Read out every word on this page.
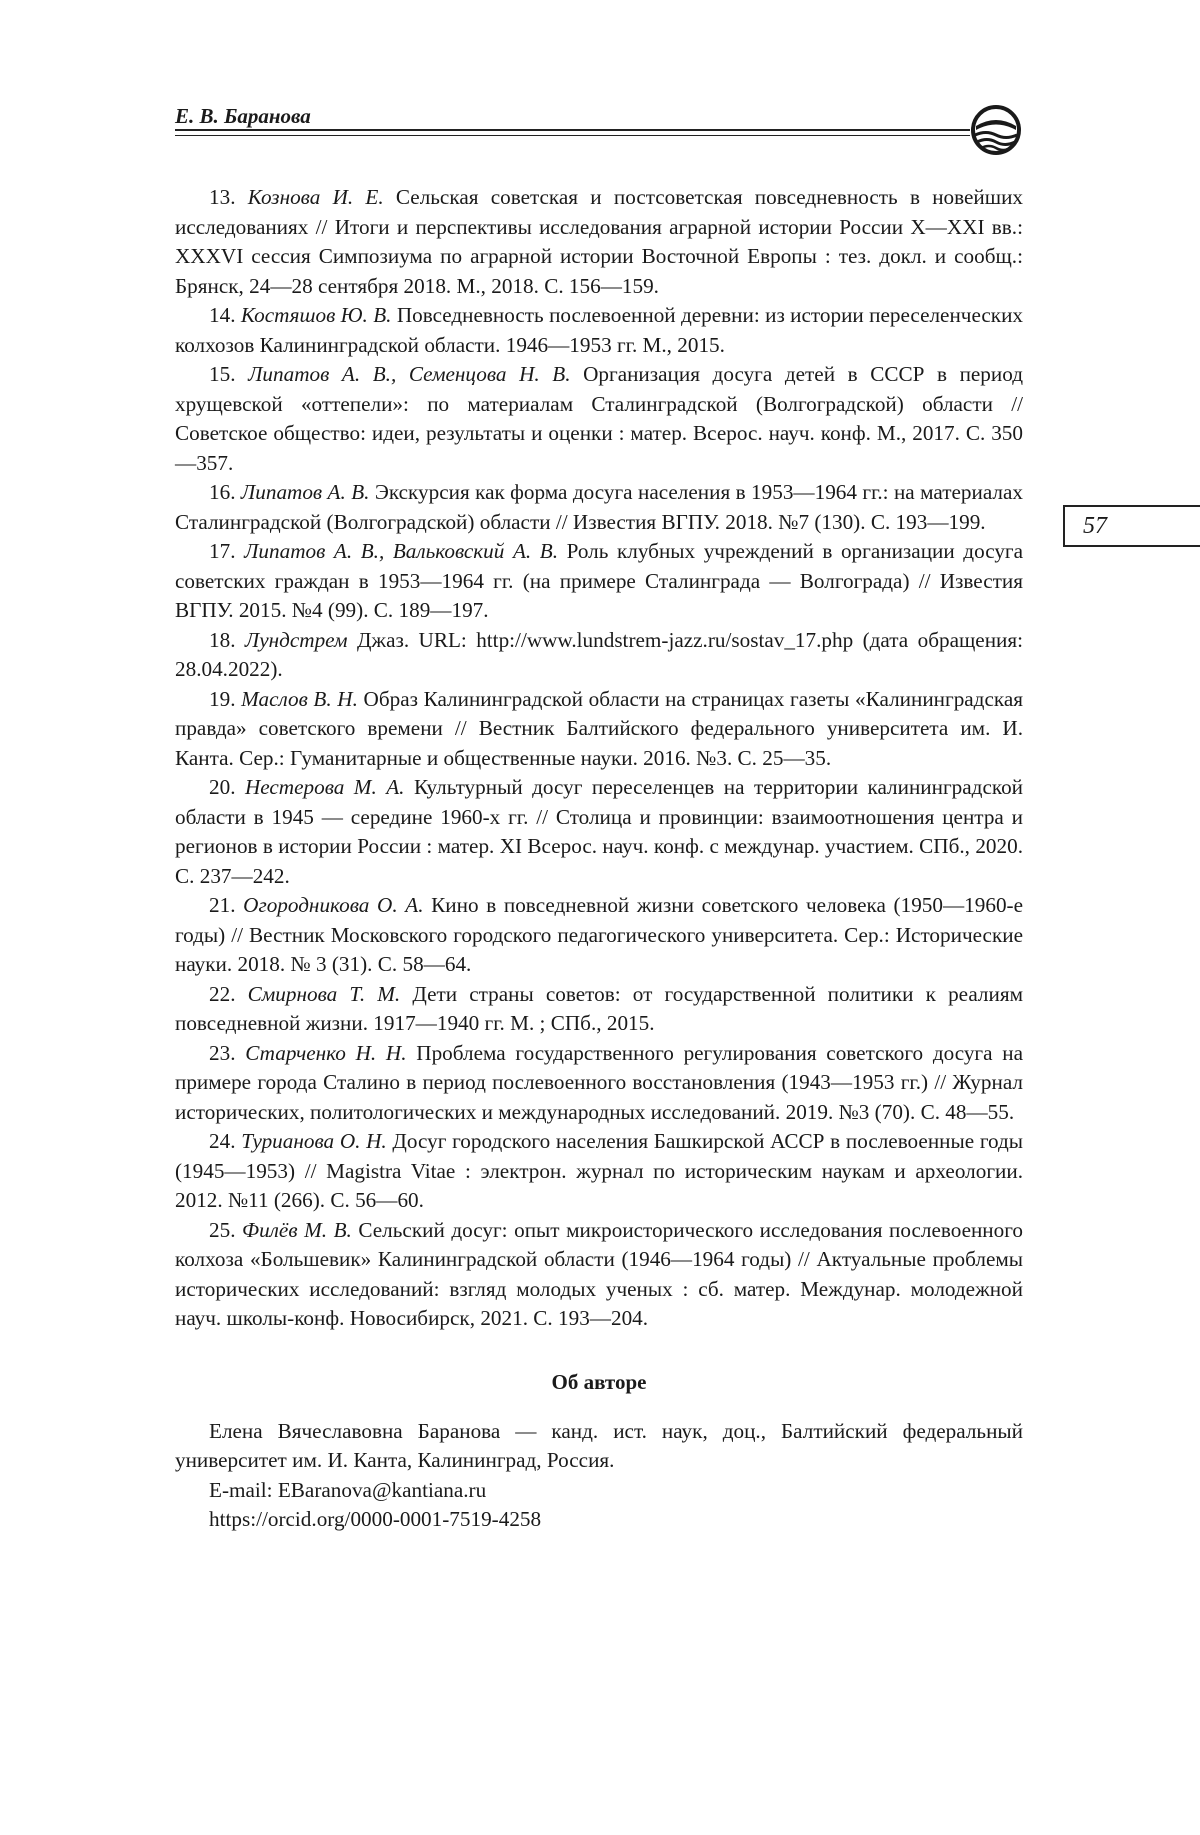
Е. В. Баранова
57

13. Кознова И. Е. Сельская советская и постсоветская повседневность в новейших исследованиях // Итоги и перспективы исследования аграрной истории России Х—ХХI вв.: XXXVI сессия Симпозиума по аграрной истории Восточной Европы : тез. докл. и сообщ.: Брянск, 24—28 сентября 2018. М., 2018. С. 156—159.

14. Костяшов Ю. В. Повседневность послевоенной деревни: из истории переселенческих колхозов Калининградской области. 1946—1953 гг. М., 2015.

15. Липатов А. В., Семенцова Н. В. Организация досуга детей в СССР в период хрущевской «оттепели»: по материалам Сталинградской (Волгоградской) области // Советское общество: идеи, результаты и оценки : матер. Всерос. науч. конф. М., 2017. С. 350—357.

16. Липатов А. В. Экскурсия как форма досуга населения в 1953—1964 гг.: на материалах Сталинградской (Волгоградской) области // Известия ВГПУ. 2018. №7 (130). С. 193—199.

17. Липатов А. В., Вальковский А. В. Роль клубных учреждений в организации досуга советских граждан в 1953—1964 гг. (на примере Сталинграда — Волгограда) // Известия ВГПУ. 2015. №4 (99). С. 189—197.

18. Лундстрем Джаз. URL: http://www.lundstrem-jazz.ru/sostav_17.php (дата обращения: 28.04.2022).

19. Маслов В. Н. Образ Калининградской области на страницах газеты «Калининградская правда» советского времени // Вестник Балтийского федерального университета им. И. Канта. Сер.: Гуманитарные и общественные науки. 2016. №3. С. 25—35.

20. Нестерова М. А. Культурный досуг переселенцев на территории калининградской области в 1945 — середине 1960-х гг. // Столица и провинции: взаимоотношения центра и регионов в истории России : матер. XI Всерос. науч. конф. с междунар. участием. СПб., 2020. С. 237—242.

21. Огородникова О. А. Кино в повседневной жизни советского человека (1950—1960-е годы) // Вестник Московского городского педагогического университета. Сер.: Исторические науки. 2018. № 3 (31). С. 58—64.

22. Смирнова Т. М. Дети страны советов: от государственной политики к реалиям повседневной жизни. 1917—1940 гг. М. ; СПб., 2015.

23. Старченко Н. Н. Проблема государственного регулирования советского досуга на примере города Сталино в период послевоенного восстановления (1943—1953 гг.) // Журнал исторических, политологических и международных исследований. 2019. №3 (70). С. 48—55.

24. Турианова О. Н. Досуг городского населения Башкирской АССР в послевоенные годы (1945—1953) // Magistra Vitae : электрон. журнал по историческим наукам и археологии. 2012. №11 (266). С. 56—60.

25. Филёв М. В. Сельский досуг: опыт микроисторического исследования послевоенного колхоза «Большевик» Калининградской области (1946—1964 годы) // Актуальные проблемы исторических исследований: взгляд молодых ученых : сб. матер. Междунар. молодежной науч. школы-конф. Новосибирск, 2021. С. 193—204.

Об авторе

Елена Вячеславовна Баранова — канд. ист. наук, доц., Балтийский федеральный университет им. И. Канта, Калининград, Россия.

E-mail: EBaranova@kantiana.ru

https://orcid.org/0000-0001-7519-4258
